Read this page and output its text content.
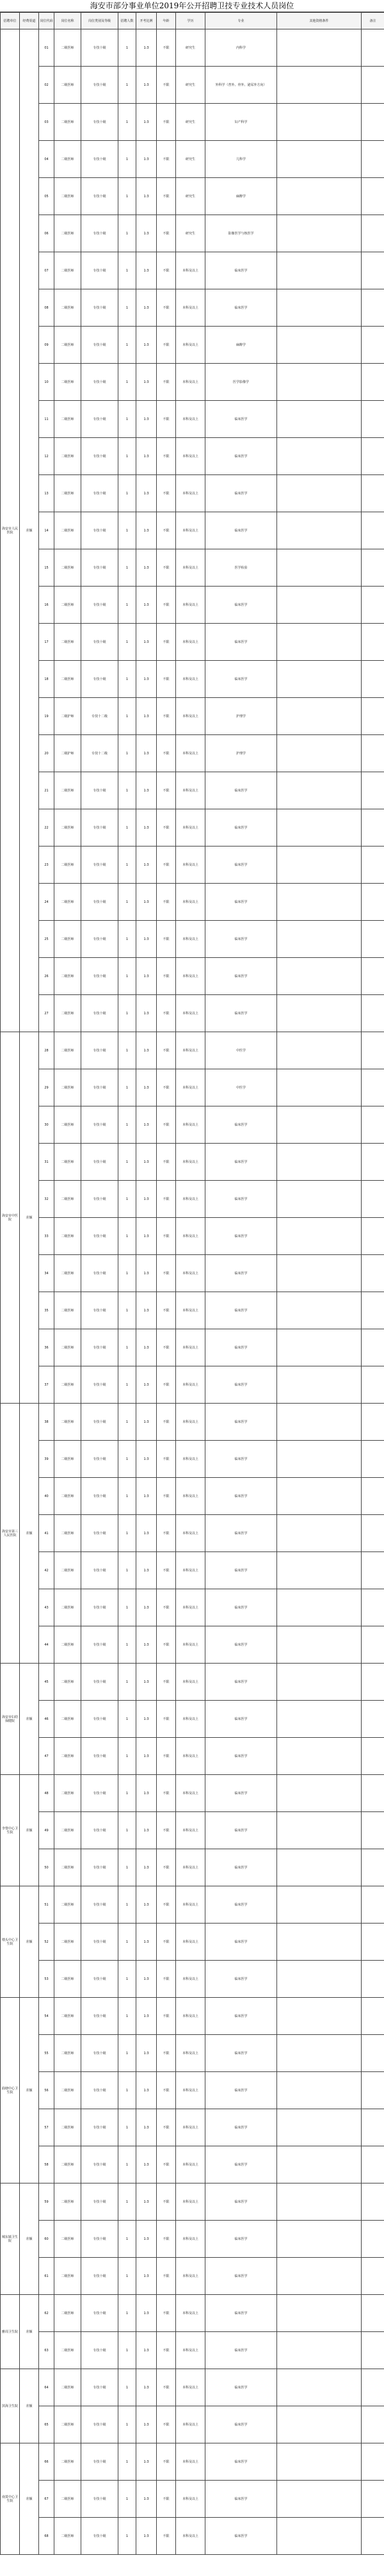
海安市部分事业单位2019年公开招聘卫技专业技术人员岗位
招聘单位	经费渠道	岗位代码	岗位名称	岗位类别及等级	招聘人数	开考比例	年龄	学历	专业	其他资格条件	备注
海安市人民医院	差额	01	二级医师	专技十级	1	1:3	不限	研究生	内科学		
		02	二级医师	专技十级	1	1:3	不限	研究生	外科学（普外、骨外、泌尿外方向）		
		03	二级医师	专技十级	1	1:3	不限	研究生	妇产科学		
		04	二级医师	专技十级	1	1:3	不限	研究生	儿科学		
		05	二级医师	专技十级	1	1:3	不限	研究生	麻醉学		
		06	二级医师	专技十级	1	1:3	不限	研究生	影像医学与核医学		
		07	二级医师	专技十级	1	1:3	不限	本科及以上	临床医学		
		08	二级医师	专技十级	1	1:3	不限	本科及以上	临床医学		
		09	二级医师	专技十级	1	1:3	不限	本科及以上	麻醉学		
		10	二级医师	专技十级	1	1:3	不限	本科及以上	医学影像学		
		11	二级医师	专技十级	1	1:3	不限	本科及以上	临床医学		
		12	二级医师	专技十级	1	1:3	不限	本科及以上	临床医学		
		13	二级医师	专技十级	1	1:3	不限	本科及以上	临床医学		
		14	二级医师	专技十级	1	1:3	不限	本科及以上	临床医学		
		15	二级医师	专技十级	1	1:3	不限	本科及以上	医学检验		
		16	二级医师	专技十级	1	1:3	不限	本科及以上	临床医学		
		17	二级医师	专技十级	1	1:3	不限	本科及以上	临床医学		
		18	二级医师	专技十级	1	1:3	不限	本科及以上	临床医学		
		19	二级护师	专技十二级	1	1:3	不限	本科及以上	护理学		
		20	二级护师	专技十二级	1	1:3	不限	本科及以上	护理学		
		21	二级医师	专技十级	1	1:3	不限	本科及以上	临床医学		
		22	二级医师	专技十级	1	1:3	不限	本科及以上	临床医学		
		23	二级医师	专技十级	1	1:3	不限	本科及以上	临床医学		
		24	二级医师	专技十级	1	1:3	不限	本科及以上	临床医学		
		25	二级医师	专技十级	1	1:3	不限	本科及以上	临床医学		
		26	二级医师	专技十级	1	1:3	不限	本科及以上	临床医学		
		27	二级医师	专技十级	1	1:3	不限	本科及以上	临床医学		
海安市中医院	差额	28	二级医师	专技十级	1	1:3	不限	本科及以上	中医学		
		29	二级医师	专技十级	1	1:3	不限	本科及以上	中医学		
		30	二级医师	专技十级	1	1:3	不限	本科及以上	临床医学		
		31	二级医师	专技十级	1	1:3	不限	本科及以上	临床医学		
		32	二级医师	专技十级	1	1:3	不限	本科及以上	临床医学		
		33	二级医师	专技十级	1	1:3	不限	本科及以上	临床医学		
		34	二级医师	专技十级	1	1:3	不限	本科及以上	临床医学		
		35	二级医师	专技十级	1	1:3	不限	本科及以上	临床医学		
		36	二级医师	专技十级	1	1:3	不限	本科及以上	临床医学		
		37	二级医师	专技十级	1	1:3	不限	本科及以上	临床医学		
海安市第三人民医院	差额	38	二级医师	专技十级	1	1:3	不限	本科及以上	临床医学		
		39	二级医师	专技十级	1	1:3	不限	本科及以上	临床医学		
		40	二级医师	专技十级	1	1:3	不限	本科及以上	临床医学		
		41	二级医师	专技十级	1	1:3	不限	本科及以上	临床医学		
		42	二级医师	专技十级	1	1:3	不限	本科及以上	临床医学		
		43	二级医师	专技十级	1	1:3	不限	本科及以上	临床医学		
		44	二级医师	专技十级	1	1:3	不限	本科及以上	临床医学		
海安市妇幼保健院	差额	45	二级医师	专技十级	1	1:3	不限	本科及以上	临床医学		
		46	二级医师	专技十级	1	1:3	不限	本科及以上	临床医学		
		47	二级医师	专技十级	1	1:3	不限	本科及以上	临床医学		
李堡中心卫生院	差额	48	二级医师	专技十级	1	1:3	不限	本科及以上	临床医学		
		49	二级医师	专技十级	1	1:3	不限	本科及以上	临床医学		
		50	二级医师	专技十级	1	1:3	不限	本科及以上	临床医学		
墩头中心卫生院	差额	51	二级医师	专技十级	1	1:3	不限	本科及以上	临床医学		
		52	二级医师	专技十级	1	1:3	不限	本科及以上	临床医学		
		53	二级医师	专技十级	1	1:3	不限	本科及以上	临床医学		
曲塘中心卫生院	差额	54	二级医师	专技十级	1	1:3	不限	本科及以上	临床医学		
		55	二级医师	专技十级	1	1:3	不限	本科及以上	临床医学		
		56	二级医师	专技十级	1	1:3	不限	本科及以上	临床医学		
		57	二级医师	专技十级	1	1:3	不限	本科及以上	临床医学		
		58	二级医师	专技十级	1	1:3	不限	本科及以上	临床医学		
城东镇卫生院	差额	59	二级医师	专技十级	1	1:3	不限	本科及以上	临床医学		
		60	二级医师	专技十级	1	1:3	不限	本科及以上	临床医学		
		61	二级医师	专技十级	1	1:3	不限	本科及以上	临床医学		
雅周卫生院	差额	62	二级医师	专技十级	1	1:3	不限	本科及以上	临床医学		
		63	二级医师	专技十级	1	1:3	不限	本科及以上	临床医学		
滨海卫生院	差额	64	二级医师	专技十级	1	1:3	不限	本科及以上	临床医学		
		65	二级医师	专技十级	1	1:3	不限	本科及以上	临床医学		
南莫中心卫生院	差额	66	二级医师	专技十级	1	1:3	不限	本科及以上	临床医学		
		67	二级医师	专技十级	1	1:3	不限	本科及以上	临床医学		
		68	二级医师	专技十级	1	1:3	不限	本科及以上	临床医学		
